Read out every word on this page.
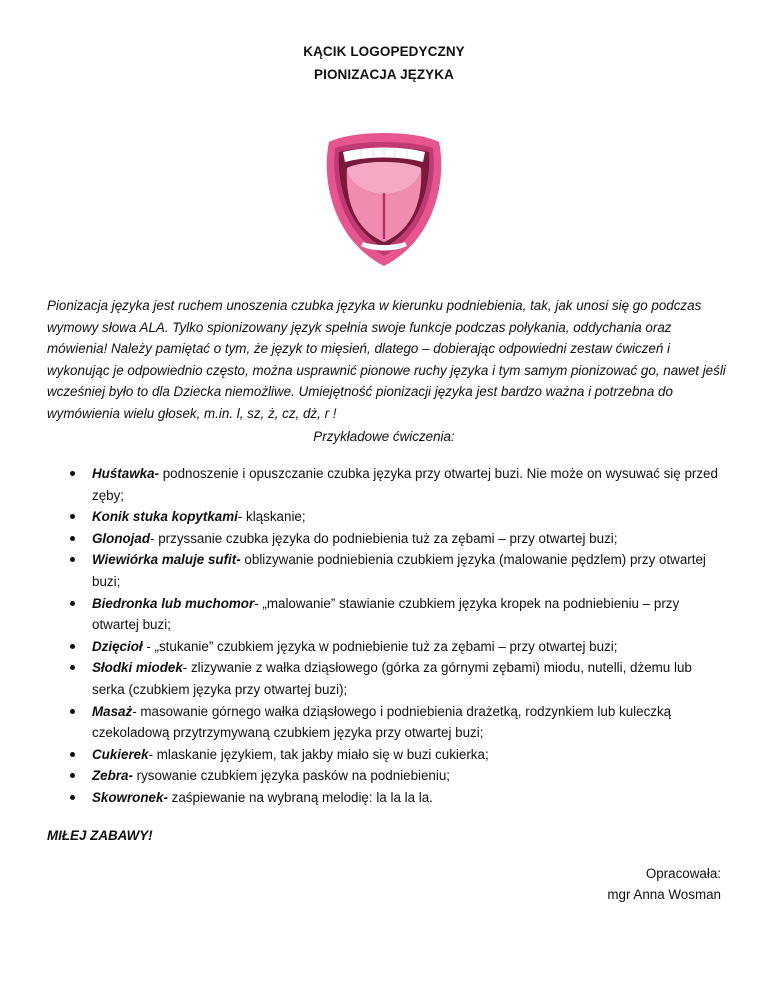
KĄCIK LOGOPEDYCZNY
PIONIZACJA JĘZYKA

Pionizacja języka jest ruchem unoszenia czubka języka w kierunku podniebienia, tak, jak unosi się go podczas wymowy słowa ALA. Tylko spionizowany język spełnia swoje funkcje podczas połykania, oddychania oraz mówienia! Należy pamiętać o tym, że język to mięsień, dlatego – dobierając odpowiedni zestaw ćwiczeń i wykonując je odpowiednio często, można usprawnić pionowe ruchy języka i tym samym pionizować go, nawet jeśli wcześniej było to dla Dziecka niemożliwe. Umiejętność pionizacji języka jest bardzo ważna i potrzebna do wymówienia wielu głosek, m.in. l, sz, ż, cz, dż, r !

Przykładowe ćwiczenia:
Huśtawka- podnoszenie i opuszczanie czubka języka przy otwartej buzi. Nie może on wysuwać się przed zęby;
Konik stuka kopytkami- kląskanie;
Glonojad- przyssanie czubka języka do podniebienia tuż za zębami – przy otwartej buzi;
Wiewiórka maluje sufit- oblizywanie podniebienia czubkiem języka (malowanie pędzlem) przy otwartej buzi;
Biedronka lub muchomor- „malowanie” stawianie czubkiem języka kropek na podniebieniu – przy otwartej buzi;
Dzięcioł - „stukanie” czubkiem języka w podniebienie tuż za zębami – przy otwartej buzi;
Słodki miodek- zlizywanie z wałka dziąsłowego (górka za górnymi zębami) miodu, nutelli, dżemu lub serka (czubkiem języka przy otwartej buzi);
Masaż- masowanie górnego wałka dziąsłowego i podniebienia drażetką, rodzynkiem lub kuleczką czekoladową przytrzymywaną czubkiem języka przy otwartej buzi;
Cukierek- mlaskanie językiem, tak jakby miało się w buzi cukierka;
Zebra- rysowanie czubkiem języka pasków na podniebieniu;
Skowronek- zaśpiewanie na wybraną melodię: la la la la.
MIŁEJ ZABAWY!
Opracowała:
mgr Anna Wosman
